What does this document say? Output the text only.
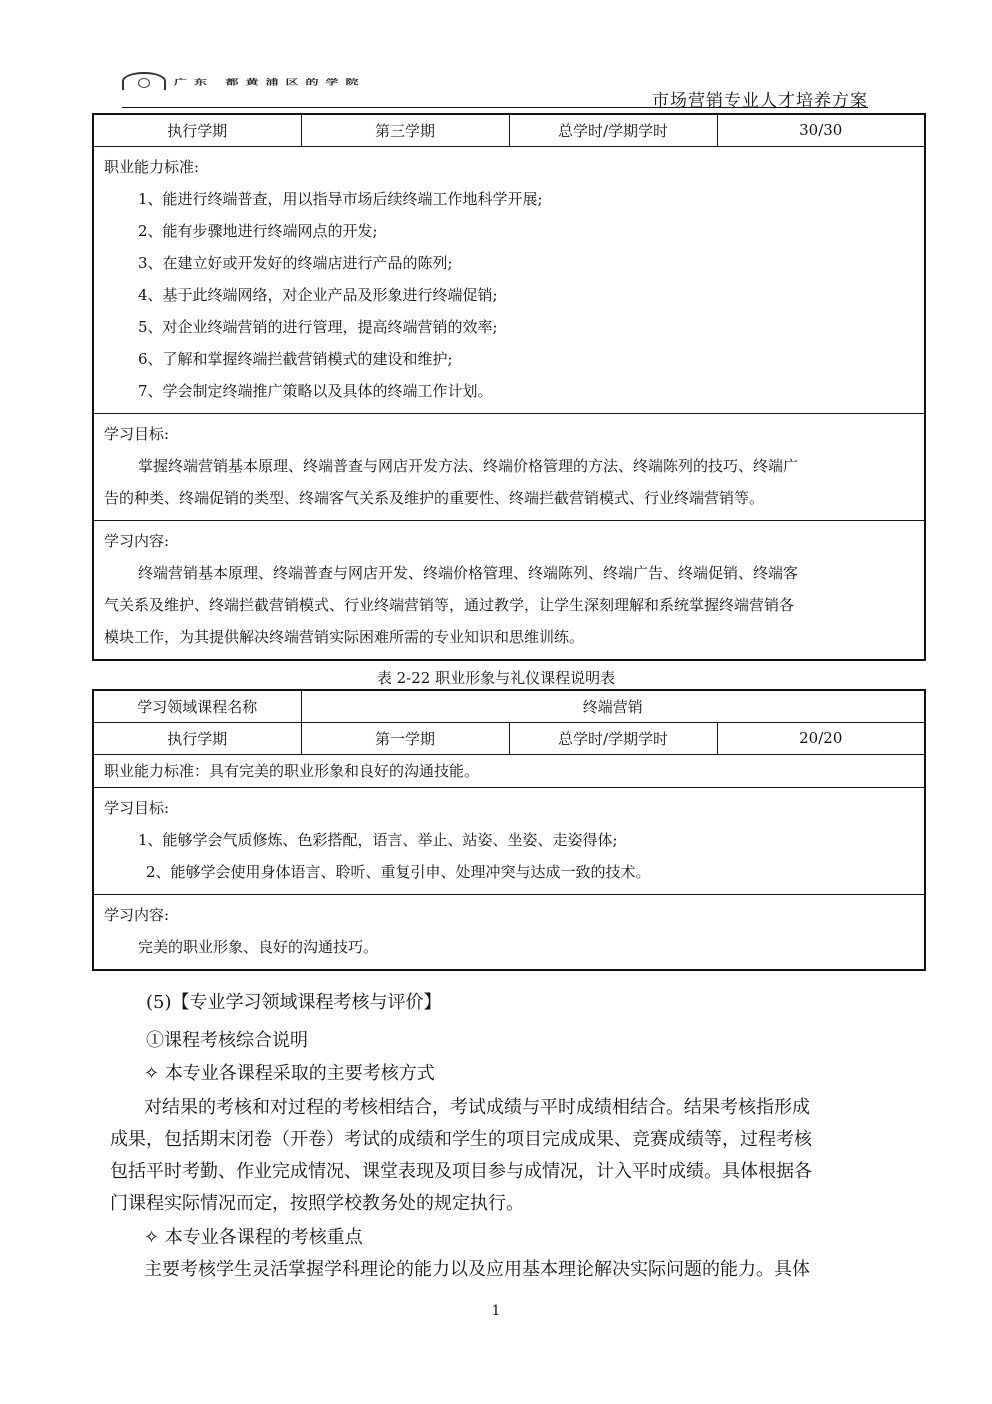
广东 都黄浦区的学院
市场营销专业人才培养方案
执行学期	第三学期	总学时/学期学时	30/30

职业能力标准:

1、能进行终端普查，用以指导市场后续终端工作地科学开展;

2、能有步骤地进行终端网点的开发;

3、在建立好或开发好的终端店进行产品的陈列;

4、基于此终端网络，对企业产品及形象进行终端促销;

5、对企业终端营销的进行管理，提高终端营销的效率;

6、了解和掌握终端拦截营销模式的建设和维护;

7、学会制定终端推广策略以及具体的终端工作计划。

学习目标:

掌握终端营销基本原理、终端普查与网店开发方法、终端价格管理的方法、终端陈列的技巧、终端广

告的种类、终端促销的类型、终端客气关系及维护的重要性、终端拦截营销模式、行业终端营销等。

学习内容:

终端营销基本原理、终端普查与网店开发、终端价格管理、终端陈列、终端广告、终端促销、终端客

气关系及维护、终端拦截营销模式、行业终端营销等，通过教学，让学生深刻理解和系统掌握终端营销各

模块工作，为其提供解决终端营销实际困难所需的专业知识和思维训练。

表 2-22 职业形象与礼仪课程说明表
学习领域课程名称	终端营销		
执行学期	第一学期	总学时/学期学时	20/20
职业能力标准：具有完美的职业形象和良好的沟通技能。			

学习目标:

1、能够学会气质修炼、色彩搭配，语言、举止、站姿、坐姿、走姿得体;

2、能够学会使用身体语言、聆听、重复引申、处理冲突与达成一致的技术。			

学习内容:

完美的职业形象、良好的沟通技巧。			

(5)【专业学习领域课程考核与评价】
①课程考核综合说明
✧ 本专业各课程采取的主要考核方式
对结果的考核和对过程的考核相结合，考试成绩与平时成绩相结合。结果考核指形成
成果，包括期末闭卷（开卷）考试的成绩和学生的项目完成成果、竞赛成绩等，过程考核
包括平时考勤、作业完成情况、课堂表现及项目参与成情况，计入平时成绩。具体根据各
门课程实际情况而定，按照学校教务处的规定执行。
✧ 本专业各课程的考核重点
主要考核学生灵活掌握学科理论的能力以及应用基本理论解决实际问题的能力。具体
1
